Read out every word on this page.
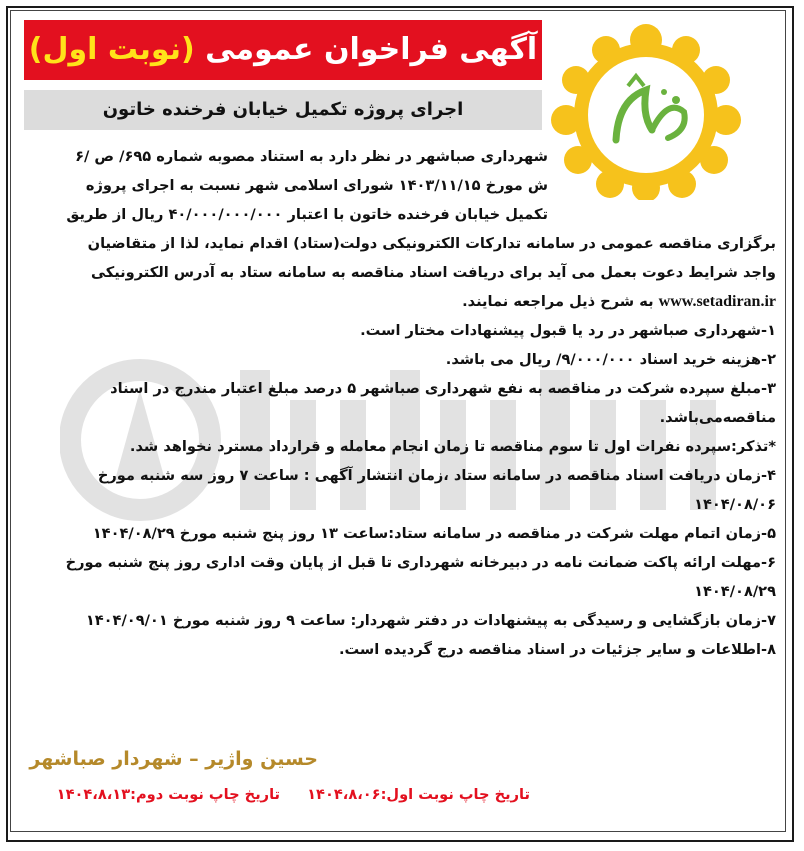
آگهی فراخوان عمومی (نوبت اول)
اجرای پروژه تکمیل خیابان فرخنده خاتون
شهرداری صباشهر در نظر دارد به استناد مصوبه شماره ۶۹۵/ ص /۶
ش مورخ ۱۴۰۳/۱۱/۱۵ شورای اسلامی شهر نسبت به اجرای پروژه
تکمیل خیابان فرخنده خاتون با اعتبار ۴۰/۰۰۰/۰۰۰/۰۰۰ ریال از طریق
برگزاری مناقصه عمومی در سامانه تدارکات الکترونیکی دولت(ستاد) اقدام نماید، لذا از متقاضیان
واجد شرایط دعوت بعمل می آید برای دریافت اسناد مناقصه به سامانه ستاد به آدرس الکترونیکی
www.setadiran.ir به شرح ذیل مراجعه نمایند.
۱-شهرداری صباشهر در رد یا قبول پیشنهادات مختار است.
۲-هزینه خرید اسناد ۹/۰۰۰/۰۰۰/ ریال می باشد.
۳-مبلغ سپرده شرکت در مناقصه به نفع شهرداری صباشهر ۵ درصد مبلغ اعتبار مندرج در اسناد
مناقصه‌می‌باشد.
*تذکر:سپرده نفرات اول تا سوم مناقصه تا زمان انجام معامله و قرارداد مسترد نخواهد شد.
۴-زمان دریافت اسناد مناقصه در سامانه ستاد ،زمان انتشار آگهی : ساعت ۷ روز سه شنبه مورخ
۱۴۰۴/۰۸/۰۶
۵-زمان اتمام مهلت شرکت در مناقصه در سامانه ستاد:ساعت ۱۳ روز پنج شنبه مورخ ۱۴۰۴/۰۸/۲۹
۶-مهلت ارائه پاکت ضمانت نامه در دبیرخانه شهرداری تا قبل از پایان وقت اداری روز پنج شنبه مورخ
۱۴۰۴/۰۸/۲۹
۷-زمان بازگشایی و رسیدگی به پیشنهادات در دفتر شهردار: ساعت ۹ روز شنبه مورخ ۱۴۰۴/۰۹/۰۱
۸-اطلاعات و سایر جزئیات در اسناد مناقصه درج گردیده است.
حسین واژیر – شهردار صباشهر
تاریخ چاپ نوبت اول:۱۴۰۴،۸،۰۶ تاریخ چاپ نوبت دوم:۱۴۰۴،۸،۱۳
